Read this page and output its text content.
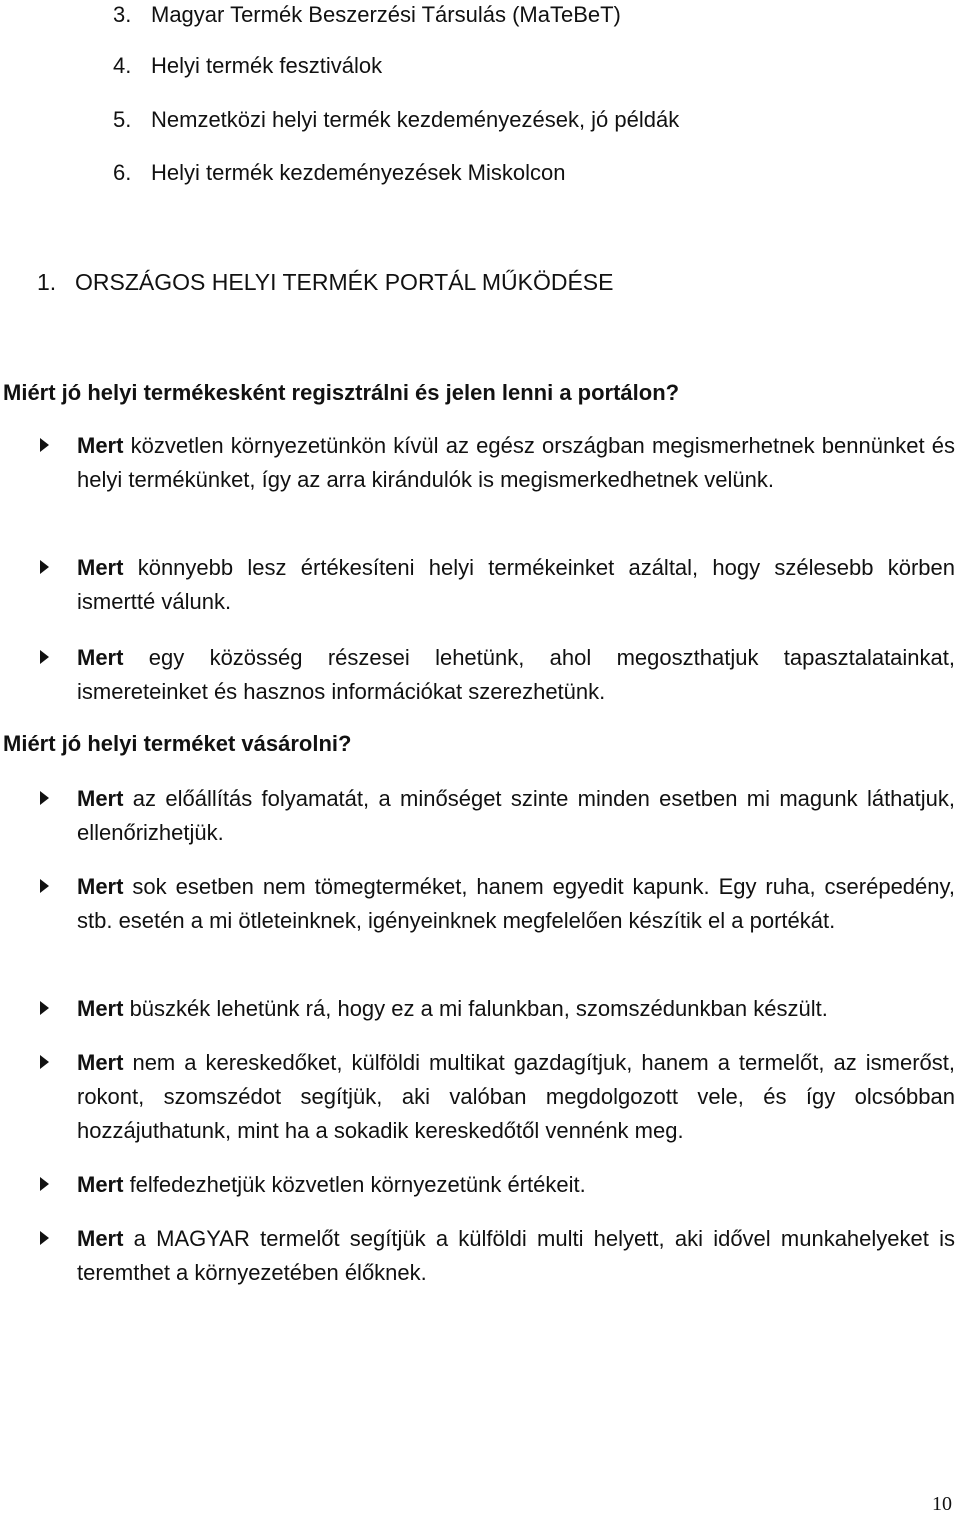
3. Magyar Termék Beszerzési Társulás (MaTeBeT)
4. Helyi termék fesztiválok
5. Nemzetközi helyi termék kezdeményezések, jó példák
6. Helyi termék kezdeményezések Miskolcon
1. ORSZÁGOS HELYI TERMÉK PORTÁL MŰKÖDÉSE
Miért jó helyi termékesként regisztrálni és jelen lenni a portálon?
Mert közvetlen környezetünkön kívül az egész országban megismerhetnek bennünket és helyi termékünket, így az arra kirándulók is megismerkedhetnek velünk.
Mert könnyebb lesz értékesíteni helyi termékeinket azáltal, hogy szélesebb körben ismertté válunk.
Mert egy közösség részesei lehetünk, ahol megoszthatjuk tapasztalatainkat, ismereteinket és hasznos információkat szerezhetünk.
Miért jó helyi terméket vásárolni?
Mert az előállítás folyamatát, a minőséget szinte minden esetben mi magunk láthatjuk, ellenőrizhetjük.
Mert sok esetben nem tömegterméket, hanem egyedit kapunk. Egy ruha, cserépedény, stb. esetén a mi ötleteinknek, igényeinknek megfelelően készítik el a portékát.
Mert büszkék lehetünk rá, hogy ez a mi falunkban, szomszédunkban készült.
Mert nem a kereskedőket, külföldi multikat gazdagítjuk, hanem a termelőt, az ismerőst, rokont, szomszédot segítjük, aki valóban megdolgozott vele, és így olcsóbban hozzájuthatunk, mint ha a sokadik kereskedőtől vennénk meg.
Mert felfedezhetjük közvetlen környezetünk értékeit.
Mert a MAGYAR termelőt segítjük a külföldi multi helyett, aki idővel munkahelyeket is teremthet a környezetében élőknek.
10
